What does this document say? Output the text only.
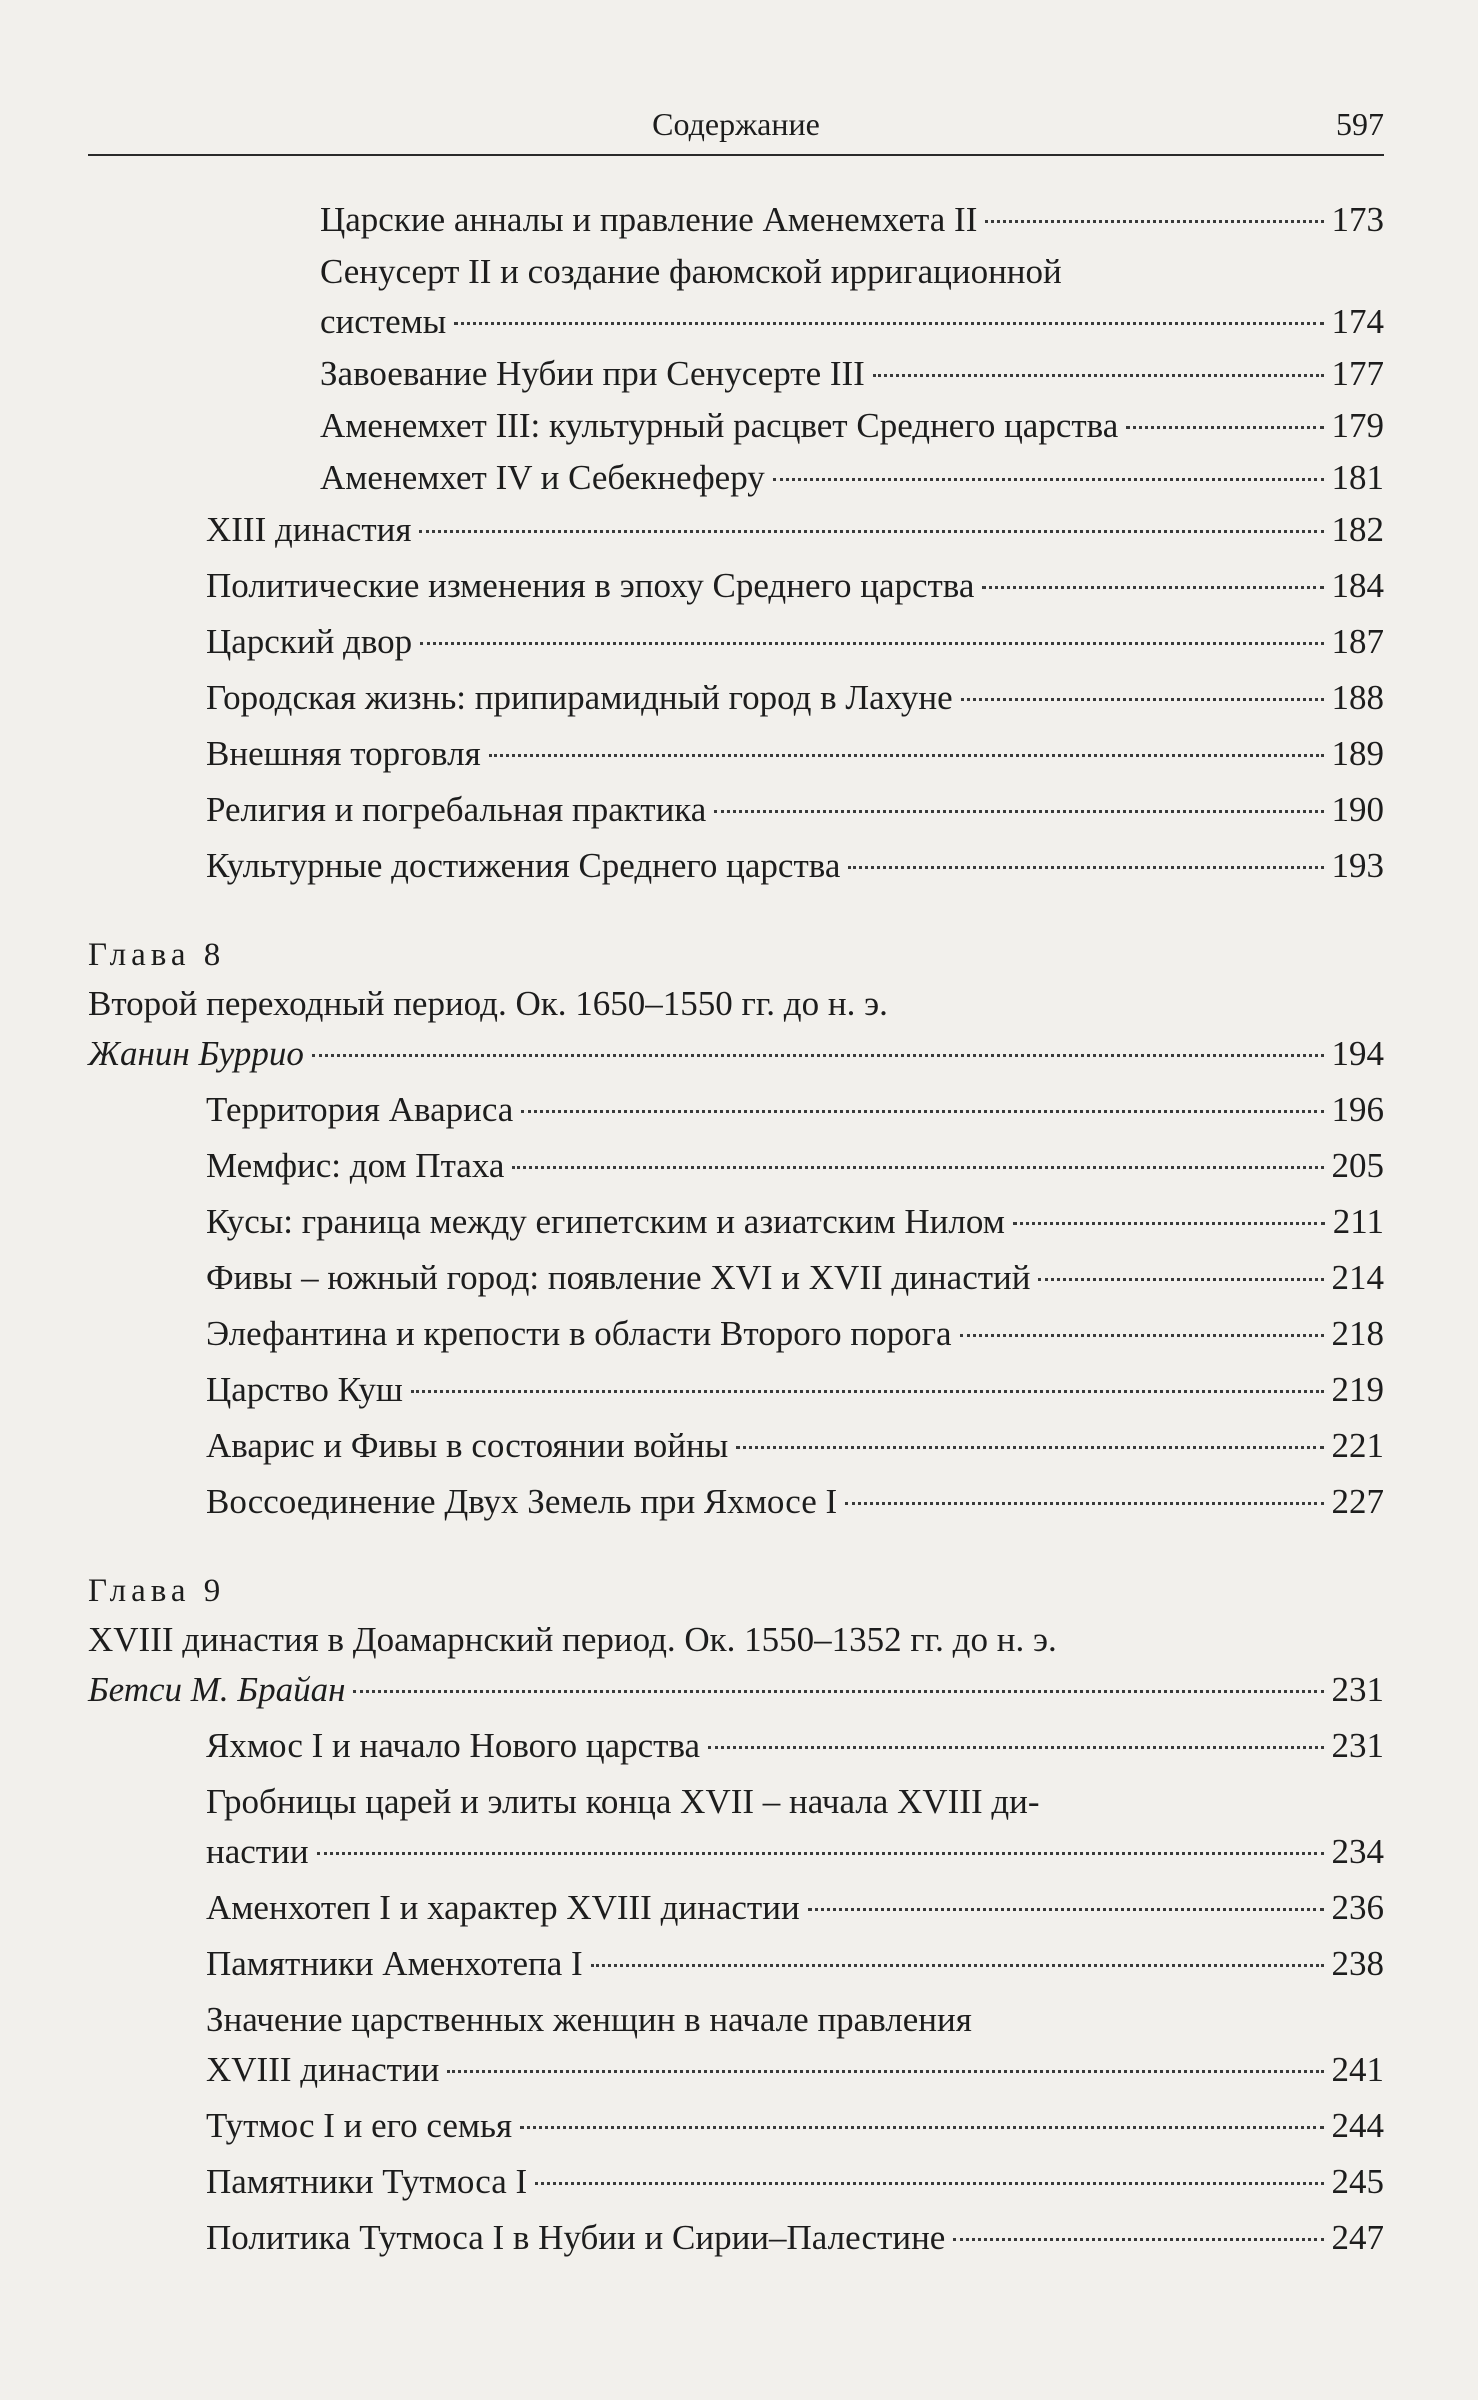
Содержание	597
Царские анналы и правление Аменемхета II	173
Сенусерт II и создание фаюмской ирригационной
системы	174
Завоевание Нубии при Сенусерте III	177
Аменемхет III: культурный расцвет Среднего царства	179
Аменемхет IV и Себекнеферу	181
XIII династия	182
Политические изменения в эпоху Среднего царства	184
Царский двор	187
Городская жизнь: припирамидный город в Лахуне	188
Внешняя торговля	189
Религия и погребальная практика	190
Культурные достижения Среднего царства	193
Глава 8
Второй переходный период. Ок. 1650–1550 гг. до н. э.
Жанин Буррио	194
Территория Авариса	196
Мемфис: дом Птаха	205
Кусы: граница между египетским и азиатским Нилом	211
Фивы – южный город: появление XVI и XVII династий	214
Элефантина и крепости в области Второго порога	218
Царство Куш	219
Аварис и Фивы в состоянии войны	221
Воссоединение Двух Земель при Яхмосе I	227
Глава 9
XVIII династия в Доамарнский период. Ок. 1550–1352 гг. до н. э.
Бетси М. Брайан	231
Яхмос I и начало Нового царства	231
Гробницы царей и элиты конца XVII – начала XVIII ди-
настии	234
Аменхотеп I и характер XVIII династии	236
Памятники Аменхотепа I	238
Значение царственных женщин в начале правления
XVIII династии	241
Тутмос I и его семья	244
Памятники Тутмоса I	245
Политика Тутмоса I в Нубии и Сирии–Палестине	247
